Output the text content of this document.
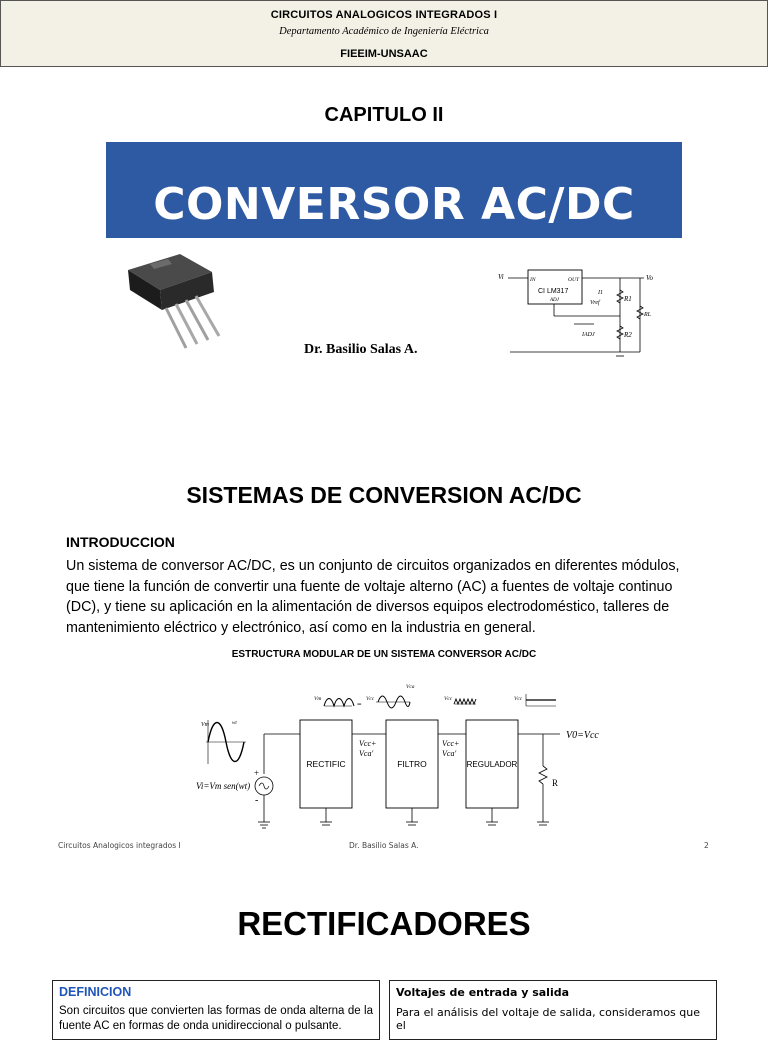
CIRCUITOS ANALOGICOS INTEGRADOS I
Departamento Académico de Ingeniería Eléctrica
FIEEIM-UNSAAC
CAPITULO II
CONVERSOR AC/DC
Vi	IN	OUT
CI LM317
ADJ
Vo
R1
R2
RL
I1
Vref
IADJ
Dr. Basilio Salas A.
SISTEMAS DE CONVERSION AC/DC
INTRODUCCION
Un sistema de conversor AC/DC, es un conjunto de circuitos organizados en diferentes módulos,
que tiene la función de convertir una fuente de voltaje alterno (AC) a fuentes de voltaje continuo
(DC), y tiene su aplicación en la alimentación de diversos equipos electrodoméstico, talleres de
mantenimiento eléctrico y electrónico, así como en la industria en general.
ESTRUCTURA MODULAR DE UN SISTEMA CONVERSOR AC/DC
Vm	wt
+
-
Vi=Vm sen(wt)
RECTIFIC	FILTRO	REGULADOR
Vcc+
Vca'
Vcc+
Vca'
V0=Vcc
R
Vm
=
Vcc
Vca
Vcc	Vcc
Circuitos Analogicos integrados I	Dr. Basilio Salas A.	2
RECTIFICADORES
DEFINICION
Son circuitos que convierten las formas de onda alterna de la fuente AC en formas de onda unidireccional o pulsante.
Voltajes de entrada y salida
Para el análisis del voltaje de salida, consideramos que el
